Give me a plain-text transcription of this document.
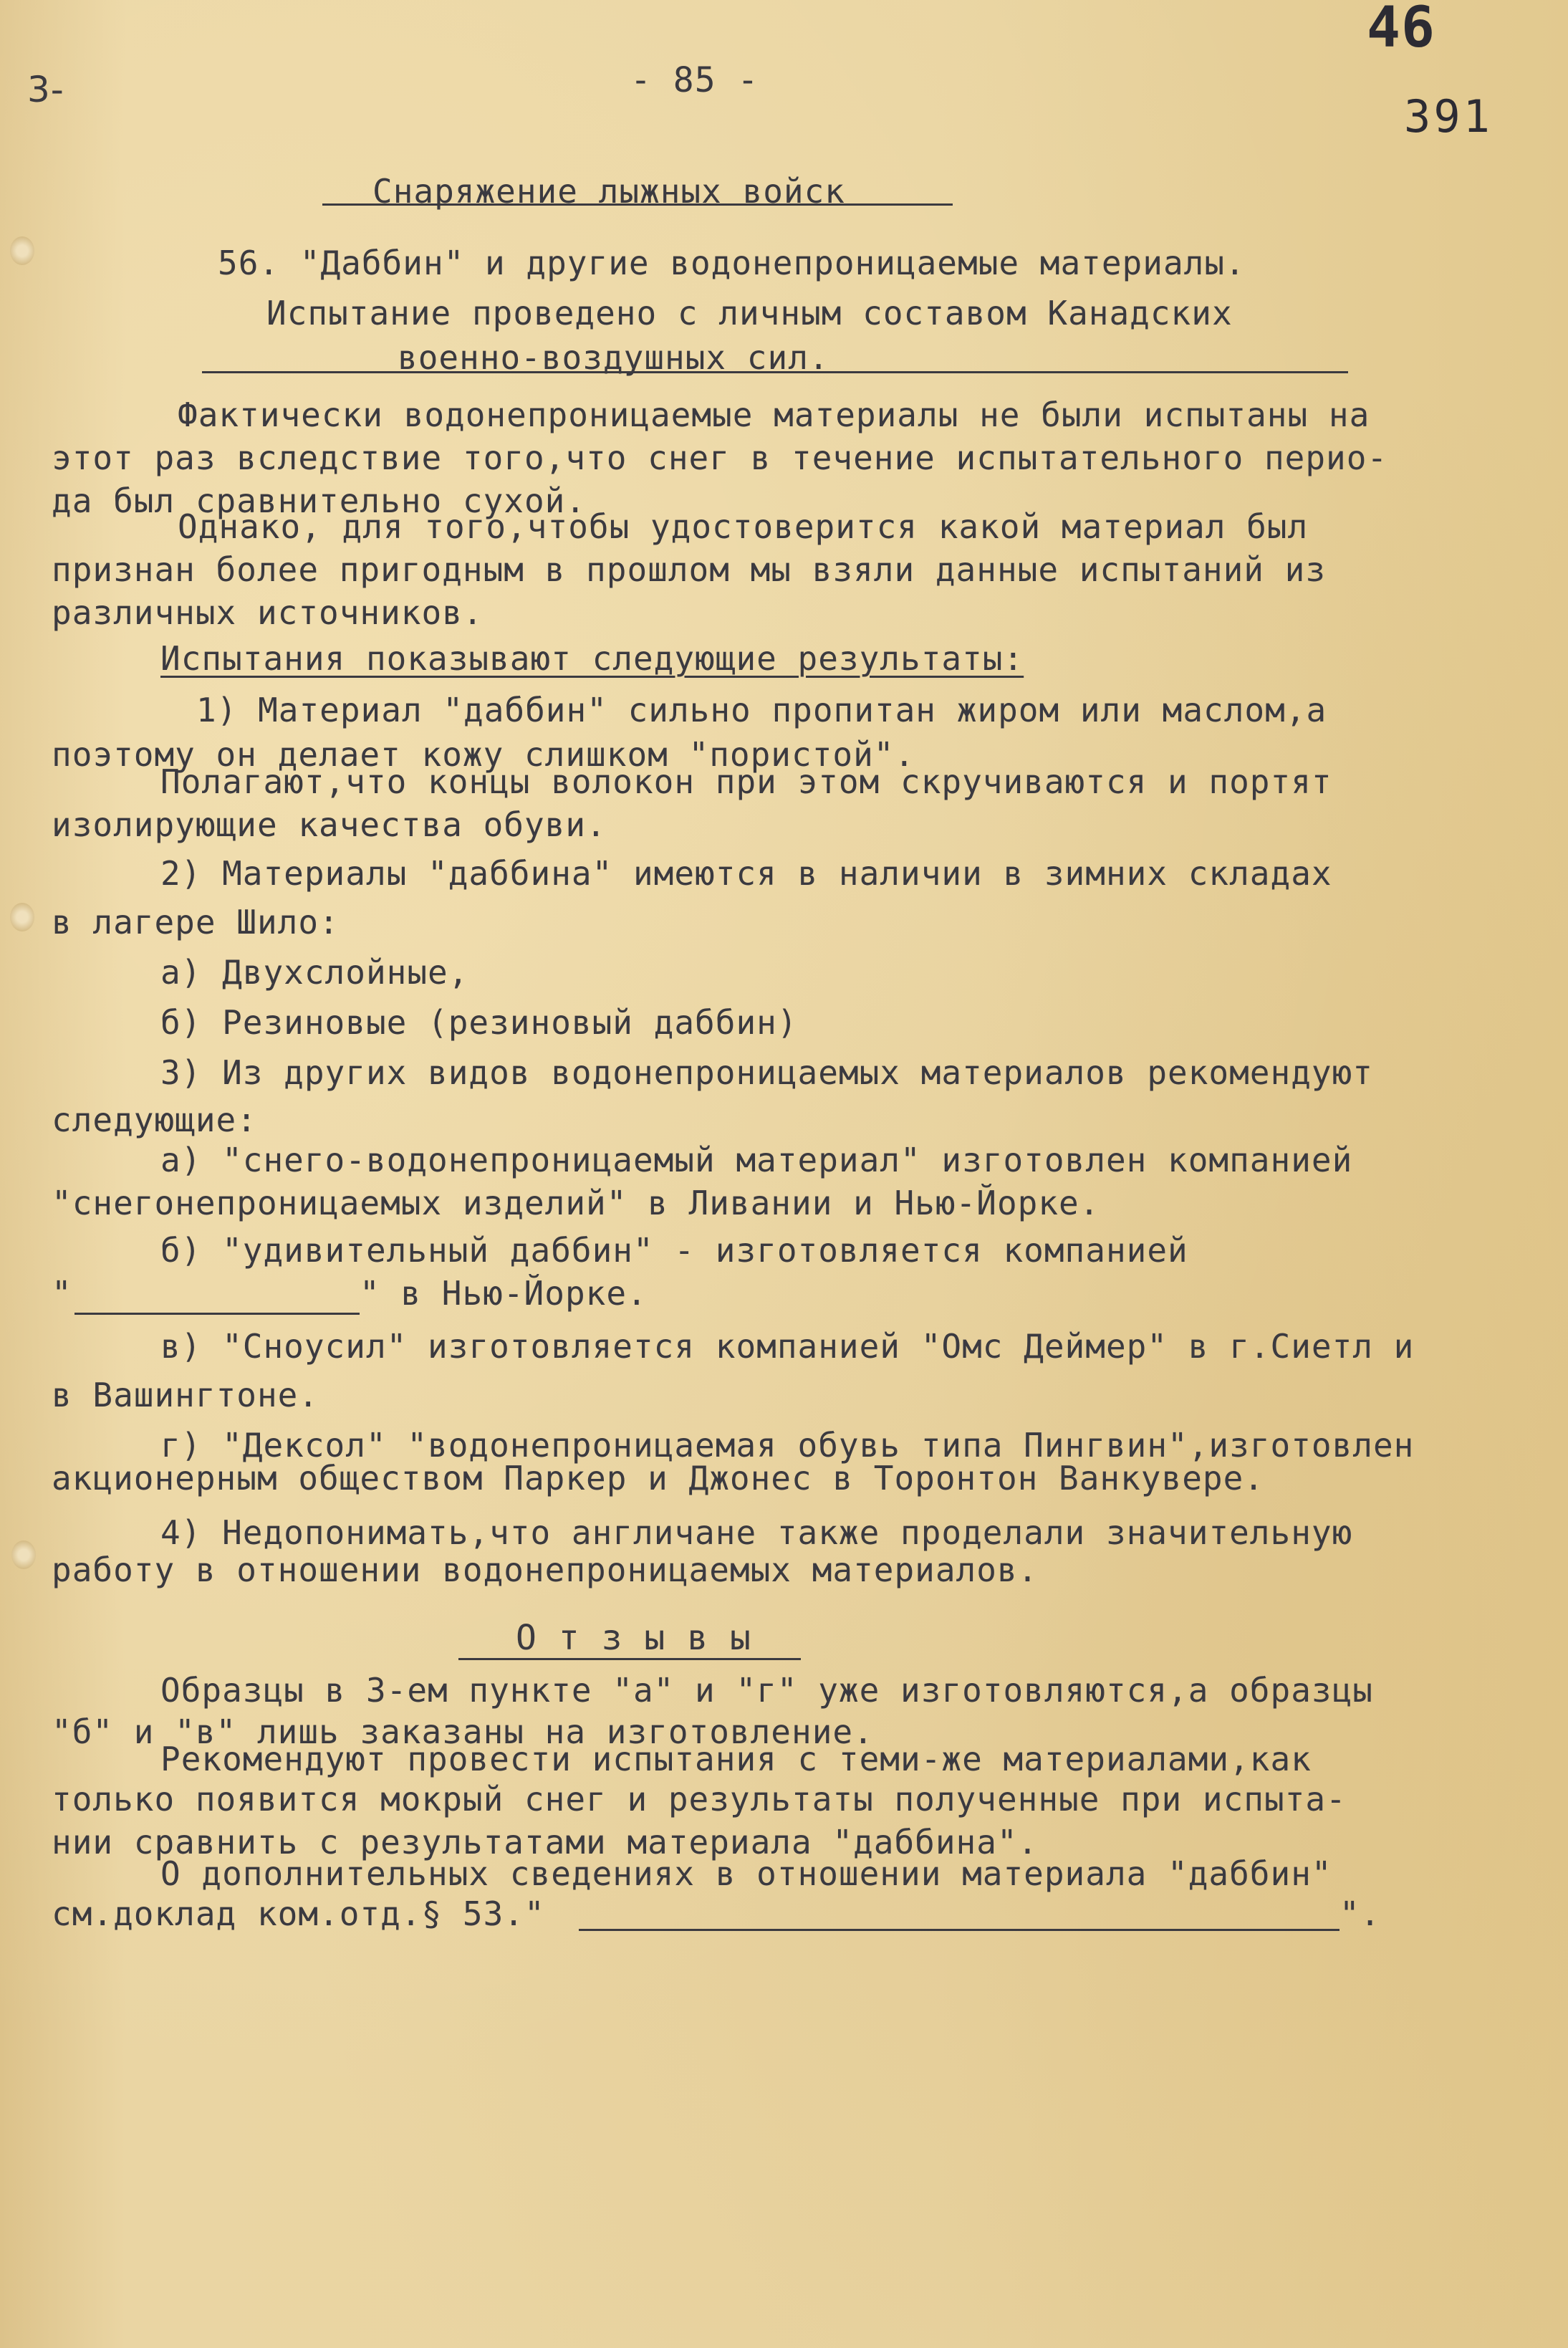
3-	- 85 -
46
391
Снаряжение лыжных войск
56. "Даббин" и другие водонепроницаемые материалы.
Испытание проведено с личным составом Канадских
военно-воздушных сил.
Фактически водонепроницаемые материалы не были испытаны на
этот раз вследствие того,что снег в течение испытательного перио-
да был сравнительно сухой.
Однако, для того,чтобы удостоверится какой материал был
признан более пригодным в прошлом мы взяли данные испытаний из
различных источников.
Испытания показывают следующие результаты:
1) Материал "даббин" сильно пропитан жиром или маслом,а
поэтому он делает кожу слишком "пористой".
Полагают,что концы волокон при этом скручиваются и портят
изолирующие качества обуви.
2) Материалы "даббина" имеются в наличии в зимних складах
в лагере Шило:
а) Двухслойные,
б) Резиновые (резиновый даббин)
3) Из других видов водонепроницаемых материалов рекомендуют
следующие:
а) "снего-водонепроницаемый материал" изготовлен компанией
"снегонепроницаемых изделий" в Ливании и Нью-Йорке.
б) "удивительный даббин" - изготовляется компанией
"	" в Нью-Йорке.
в) "Сноусил" изготовляется компанией "Омс Деймер" в г.Сиетл и
в Вашингтоне.
г) "Дексол" "водонепроницаемая обувь типа Пингвин",изготовлен
акционерным обществом Паркер и Джонес в Торонтон Ванкувере.
4) Недопонимать,что англичане также проделали значительную
работу в отношении водонепроницаемых материалов.
О т з ы в ы
Образцы в 3-ем пункте "а" и "г" уже изготовляются,а образцы
"б" и "в" лишь заказаны на изготовление.
Рекомендуют провести испытания с теми-же материалами,как
только появится мокрый снег и результаты полученные при испыта-
нии сравнить с результатами материала "даббина".
О дополнительных сведениях в отношении материала "даббин"
см.доклад ком.отд.§ 53."	".
